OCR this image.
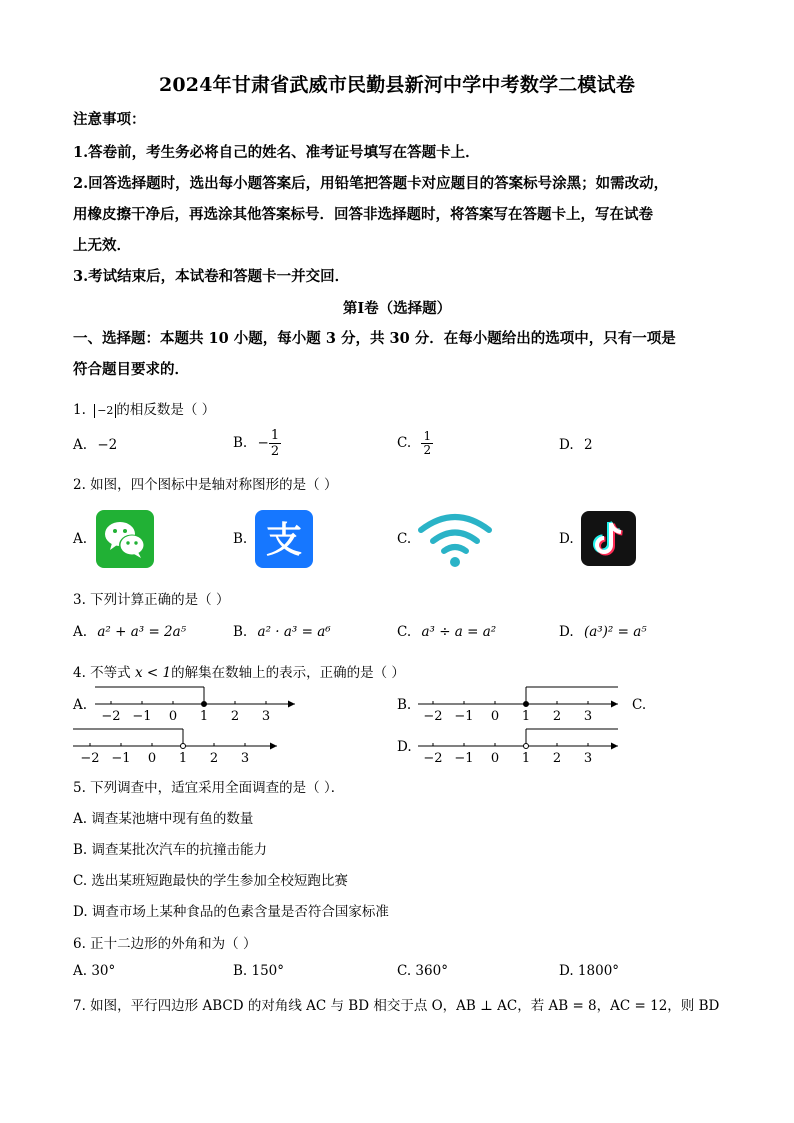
2024年甘肃省武威市民勤县新河中学中考数学二模试卷
注意事项：
1.答卷前，考生务必将自己的姓名、准考证号填写在答题卡上．
2.回答选择题时，选出每小题答案后，用铅笔把答题卡对应题目的答案标号涂黑；如需改动，
用橡皮擦干净后，再选涂其他答案标号．回答非选择题时，将答案写在答题卡上，写在试卷
上无效．
3.考试结束后，本试卷和答题卡一并交回．
第Ⅰ卷（选择题）
一、选择题：本题共 10 小题，每小题 3 分，共 30 分．在每小题给出的选项中，只有一项是
符合题目要求的．
1. −2 的相反数是（ ）
A. −2	B. − $\frac{1}{2}$	C. $\frac{1}{2}$	D. 2
2. 如图，四个图标中是轴对称图形的是（ ）
A.	B. 支	C.	D.
3. 下列计算正确的是（ ）
A. a² + a³ = 2a⁵	B. a² · a³ = a⁶	C. a³ ÷ a = a²	D. (a³)² = a⁵
4. 不等式 x < 1的解集在数轴上的表示，正确的是（ ）
A.	B.	C.
D.
−2 −1 0 1 2 3	−2 −1 0 1 2 3
−2 −1 0 1 2 3	−2 −1 0 1 2 3
5. 下列调查中，适宜采用全面调查的是（ ）．
A. 调查某池塘中现有鱼的数量
B. 调查某批次汽车的抗撞击能力
C. 选出某班短跑最快的学生参加全校短跑比赛
D. 调查市场上某种食品的色素含量是否符合国家标准
6. 正十二边形的外角和为（ ）
A. 30°	B. 150°	C. 360°	D. 1800°
7. 如图，平行四边形 ABCD 的对角线 AC 与 BD 相交于点 O，AB ⊥ AC，若 AB = 8，AC = 12，则 BD
